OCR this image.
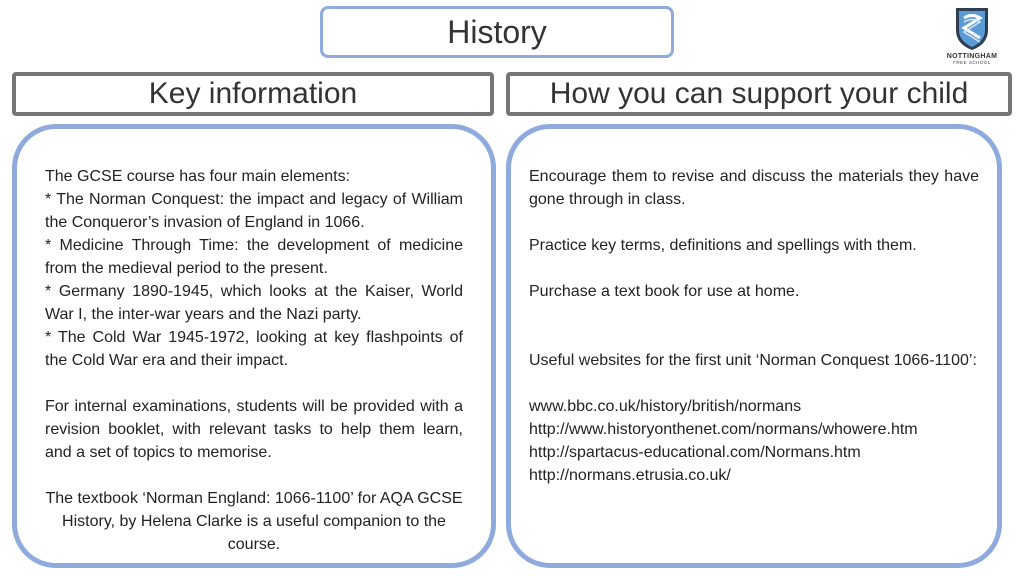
History
NOTTINGHAM
FREE SCHOOL
Key information	How you can support your child

The GCSE course has four main elements:

* The Norman Conquest: the impact and legacy of William the Conqueror’s invasion of England in 1066.

* Medicine Through Time: the development of medicine from the medieval period to the present.

* Germany 1890-1945, which looks at the Kaiser, World War I, the inter-war years and the Nazi party.

* The Cold War 1945-1972, looking at key flashpoints of the Cold War era and their impact.

For internal examinations, students will be provided with a revision booklet, with relevant tasks to help them learn, and a set of topics to memorise.

The textbook ‘Norman England: 1066-1100’ for AQA GCSE History, by Helena Clarke is a useful companion to the course.

Encourage them to revise and discuss the materials they have gone through in class.

Practice key terms, definitions and spellings with them.

Purchase a text book for use at home.

Useful websites for the first unit ‘Norman Conquest 1066-1100’:

www.bbc.co.uk/history/british/normans

http://www.historyonthenet.com/normans/whowere.htm

http://spartacus-educational.com/Normans.htm

http://normans.etrusia.co.uk/
